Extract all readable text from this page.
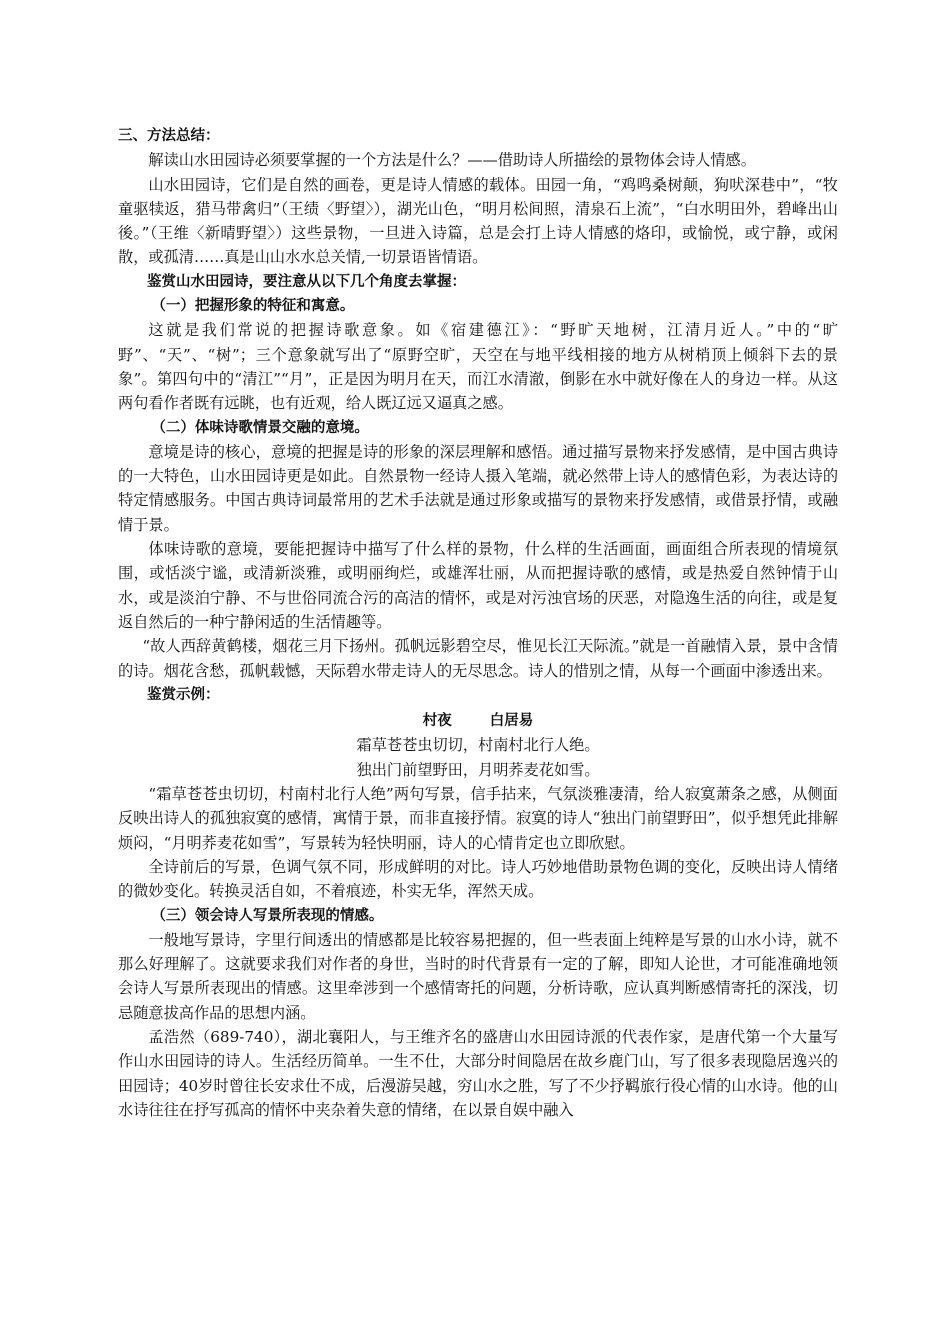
三、方法总结：

解读山水田园诗必须要掌握的一个方法是什么？——借助诗人所描绘的景物体会诗人情感。

山水田园诗，它们是自然的画卷，更是诗人情感的载体。田园一角，“鸡鸣桑树颠，狗吠深巷中”，“牧童驱犊返，猎马带禽归”（王绩〈野望〉），湖光山色，“明月松间照，清泉石上流”，“白水明田外，碧峰出山後。”（王维〈新晴野望〉）这些景物，一旦进入诗篇，总是会打上诗人情感的烙印，或愉悦，或宁静，或闲散，或孤清……真是山山水水总关情,一切景语皆情语。

鉴赏山水田园诗，要注意从以下几个角度去掌握：

（一）把握形象的特征和寓意。

这就是我们常说的把握诗歌意象。如《宿建德江》：“野旷天地树，江清月近人。”中的“旷野”、“天”、“树”；三个意象就写出了“原野空旷，天空在与地平线相接的地方从树梢顶上倾斜下去的景象”。第四句中的“清江”“月”，正是因为明月在天，而江水清澈，倒影在水中就好像在人的身边一样。从这两句看作者既有远眺，也有近观，给人既辽远又逼真之感。

（二）体味诗歌情景交融的意境。

意境是诗的核心，意境的把握是诗的形象的深层理解和感悟。通过描写景物来抒发感情，是中国古典诗的一大特色，山水田园诗更是如此。自然景物一经诗人摄入笔端，就必然带上诗人的感情色彩，为表达诗的特定情感服务。中国古典诗词最常用的艺术手法就是通过形象或描写的景物来抒发感情，或借景抒情，或融情于景。

体味诗歌的意境，要能把握诗中描写了什么样的景物，什么样的生活画面，画面组合所表现的情境氛围，或恬淡宁谧，或清新淡雅，或明丽绚烂，或雄浑壮丽，从而把握诗歌的感情，或是热爱自然钟情于山水，或是淡泊宁静、不与世俗同流合污的高洁的情怀，或是对污浊官场的厌恶，对隐逸生活的向往，或是复返自然后的一种宁静闲适的生活情趣等。

“故人西辞黄鹤楼，烟花三月下扬州。孤帆远影碧空尽，惟见长江天际流。”就是一首融情入景，景中含情的诗。烟花含愁，孤帆载憾，天际碧水带走诗人的无尽思念。诗人的惜别之情，从每一个画面中渗透出来。

鉴赏示例：

村夜	白居易

霜草苍苍虫切切，村南村北行人绝。

独出门前望野田，月明荞麦花如雪。

“霜草苍苍虫切切，村南村北行人绝”两句写景，信手拈来，气氛淡雅凄清，给人寂寞萧条之感，从侧面反映出诗人的孤独寂寞的感情，寓情于景，而非直接抒情。寂寞的诗人“独出门前望野田”，似乎想凭此排解烦闷，“月明荞麦花如雪”，写景转为轻快明丽，诗人的心情肯定也立即欣慰。

全诗前后的写景，色调气氛不同，形成鲜明的对比。诗人巧妙地借助景物色调的变化，反映出诗人情绪的微妙变化。转换灵活自如，不着痕迹，朴实无华，浑然天成。

（三）领会诗人写景所表现的情感。

一般地写景诗，字里行间透出的情感都是比较容易把握的，但一些表面上纯粹是写景的山水小诗，就不那么好理解了。这就要求我们对作者的身世，当时的时代背景有一定的了解，即知人论世，才可能准确地领会诗人写景所表现出的情感。这里牵涉到一个感情寄托的问题，分析诗歌，应认真判断感情寄托的深浅，切忌随意拔高作品的思想内涵。

孟浩然（689-740），湖北襄阳人，与王维齐名的盛唐山水田园诗派的代表作家，是唐代第一个大量写作山水田园诗的诗人。生活经历简单。一生不仕，大部分时间隐居在故乡鹿门山，写了很多表现隐居逸兴的田园诗；40岁时曾往长安求仕不成，后漫游吴越，穷山水之胜，写了不少抒羁旅行役心情的山水诗。他的山水诗往往在抒写孤高的情怀中夹杂着失意的情绪，在以景自娱中融入
